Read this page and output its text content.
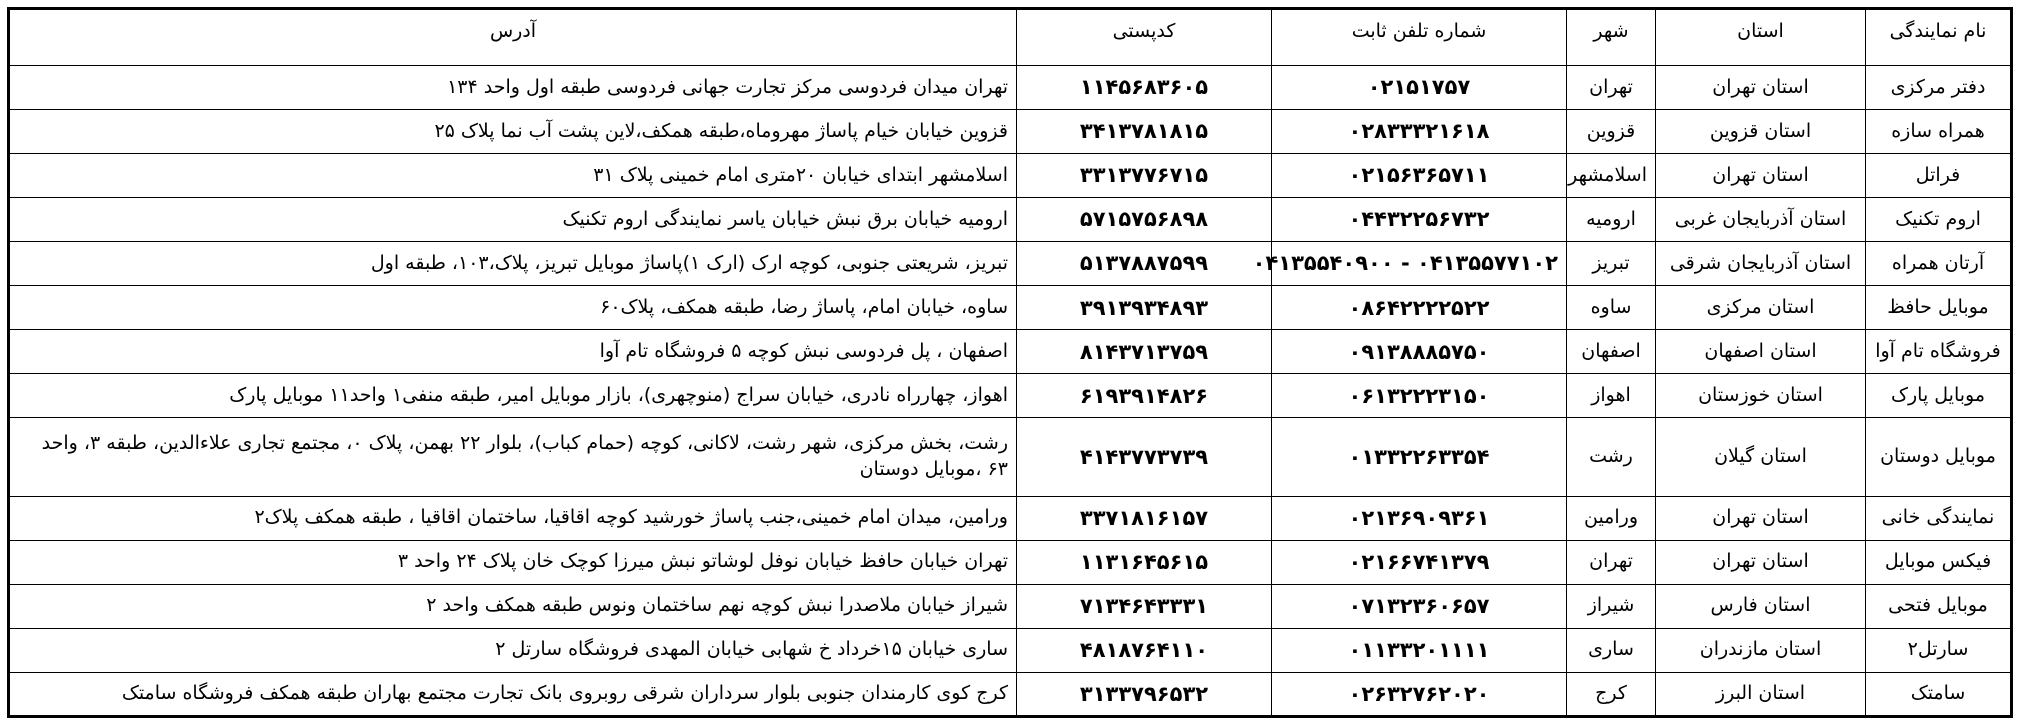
نام نمایندگی	استان	شهر	شماره تلفن ثابت	کدپستی	آدرس
دفتر مرکزی	استان تهران	تهران	۰۲۱۵۱۷۵۷	۱۱۴۵۶۸۳۶۰۵	تهران میدان فردوسی مرکز تجارت جهانی فردوسی طبقه اول واحد ۱۳۴
همراه سازه	استان قزوین	قزوین	۰۲۸۳۳۳۲۱۶۱۸	۳۴۱۳۷۸۱۸۱۵	قزوین خیابان خیام پاساژ مهروماه،طبقه همکف،لاین پشت آب نما پلاک ۲۵
فراتل	استان تهران	اسلامشهر	۰۲۱۵۶۳۶۵۷۱۱	۳۳۱۳۷۷۶۷۱۵	اسلامشهر ابتدای خیابان ۲۰متری امام خمینی پلاک ۳۱
اروم تکنیک	استان آذربایجان غربی	ارومیه	۰۴۴۳۲۲۵۶۷۳۲	۵۷۱۵۷۵۶۸۹۸	ارومیه خیابان برق نبش خیابان یاسر نمایندگی اروم تکنیک
آرتان همراه	استان آذربایجان شرقی	تبریز	۰۴۱۳۵۵۷۷۱۰۲ - ۰۴۱۳۵۵۴۰۹۰۰	۵۱۳۷۸۸۷۵۹۹	تبریز، شریعتی جنوبی، کوچه ارک (ارک ۱)پاساژ موبایل تبریز، پلاک،۱۰۳، طبقه اول
موبایل حافظ	استان مرکزی	ساوه	۰۸۶۴۲۲۲۲۵۲۲	۳۹۱۳۹۳۴۸۹۳	ساوه، خیابان امام، پاساژ رضا، طبقه همکف، پلاک۶۰
فروشگاه تام آوا	استان اصفهان	اصفهان	۰۹۱۳۸۸۸۵۷۵۰	۸۱۴۳۷۱۳۷۵۹	اصفهان ، پل فردوسی نبش کوچه ۵ فروشگاه تام آوا
موبایل پارک	استان خوزستان	اهواز	۰۶۱۳۲۲۲۳۱۵۰	۶۱۹۳۹۱۴۸۲۶	اهواز، چهارراه نادری، خیابان سراج (منوچهری)، بازار موبایل امیر، طبقه منفی۱ واحد۱۱ موبایل پارک
موبایل دوستان	استان گیلان	رشت	۰۱۳۳۲۲۶۳۳۵۴	۴۱۴۳۷۷۳۷۳۹	رشت، بخش مرکزی، شهر رشت، لاکانی، کوچه (حمام کباب)، بلوار ۲۲ بهمن، پلاک ۰، مجتمع تجاری علاءالدین، طبقه ۳، واحد ۶۳ ،موبایل دوستان
نمایندگی خانی	استان تهران	ورامین	۰۲۱۳۶۹۰۹۳۶۱	۳۳۷۱۸۱۶۱۵۷	ورامین، میدان امام خمینی،جنب پاساژ خورشید کوچه اقاقیا، ساختمان اقاقیا ، طبقه همکف پلاک۲
فیکس موبایل	استان تهران	تهران	۰۲۱۶۶۷۴۱۳۷۹	۱۱۳۱۶۴۵۶۱۵	تهران خیابان حافظ خیابان نوفل لوشاتو نبش میرزا کوچک خان پلاک ۲۴ واحد ۳
موبایل فتحی	استان فارس	شیراز	۰۷۱۳۲۳۶۰۶۵۷	۷۱۳۴۶۴۳۳۳۱	شیراز خیابان ملاصدرا نبش کوچه نهم ساختمان ونوس طبقه همکف واحد ۲
سارتل۲	استان مازندران	ساری	۰۱۱۳۳۲۰۱۱۱۱	۴۸۱۸۷۶۴۱۱۰	ساری خیابان ۱۵خرداد خ شهابی خیابان المهدی فروشگاه سارتل ۲
سامتک	استان البرز	کرج	۰۲۶۳۲۷۶۲۰۲۰	۳۱۳۳۷۹۶۵۳۲	کرج کوی کارمندان جنوبی بلوار سرداران شرقی روبروی بانک تجارت مجتمع بهاران طبقه همکف فروشگاه سامتک
